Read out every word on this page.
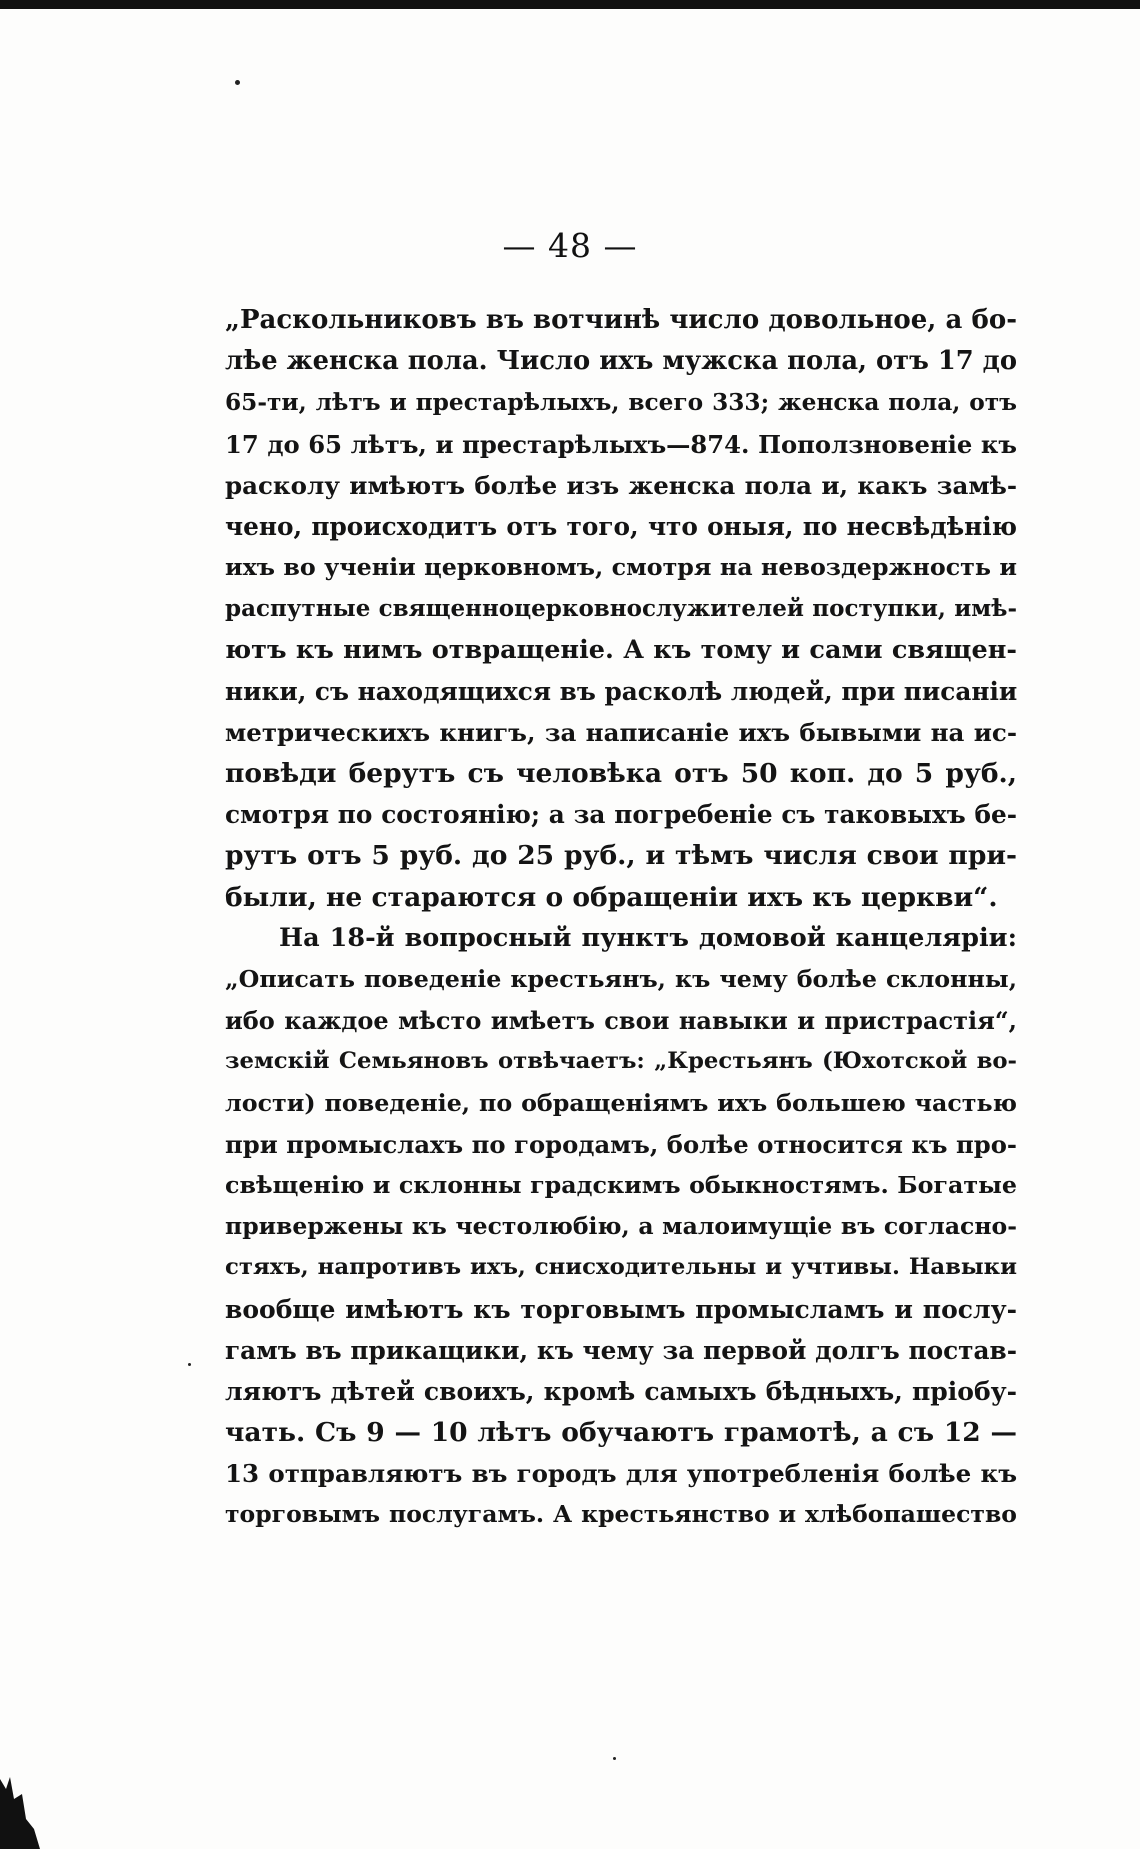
— 48 —
„Раскольниковъ въ вотчинѣ число довольное, а бо-
лѣе женска пола. Число ихъ мужска пола, отъ 17 до
65-ти, лѣтъ и престарѣлыхъ, всего 333; женска пола, отъ
17 до 65 лѣтъ, и престарѣлыхъ—874. Поползновеніе къ
расколу имѣютъ болѣе изъ женска пола и, какъ замѣ-
чено, происходитъ отъ того, что оныя, по несвѣдѣнію
ихъ во ученіи церковномъ, смотря на невоздержность и
распутные священноцерковнослужителей поступки, имѣ-
ютъ къ нимъ отвращеніе. А къ тому и сами священ-
ники, съ находящихся въ расколѣ людей, при писаніи
метрическихъ книгъ, за написаніе ихъ бывыми на ис-
повѣди берутъ съ человѣка отъ 50 коп. до 5 руб.,
смотря по состоянію; а за погребеніе съ таковыхъ бе-
рутъ отъ 5 руб. до 25 руб., и тѣмъ числя свои при-
были, не стараются о обращеніи ихъ къ церкви“.
На 18-й вопросный пунктъ домовой канцеляріи:
„Описать поведеніе крестьянъ, къ чему болѣе склонны,
ибо каждое мѣсто имѣетъ свои навыки и пристрастія“,
земскій Семьяновъ отвѣчаетъ: „Крестьянъ (Юхотской во-
лости) поведеніе, по обращеніямъ ихъ большею частью
при промыслахъ по городамъ, болѣе относится къ про-
свѣщенію и склонны градскимъ обыкностямъ. Богатые
привержены къ честолюбію, а малоимущіе въ согласно-
стяхъ, напротивъ ихъ, снисходительны и учтивы. Навыки
вообще имѣютъ къ торговымъ промысламъ и послу-
гамъ въ прикащики, къ чему за первой долгъ постав-
ляютъ дѣтей своихъ, кромѣ самыхъ бѣдныхъ, пріобу-
чать. Съ 9 — 10 лѣтъ обучаютъ грамотѣ, а съ 12 —
13 отправляютъ въ городъ для употребленія болѣе къ
торговымъ послугамъ. А крестьянство и хлѣбопашество
